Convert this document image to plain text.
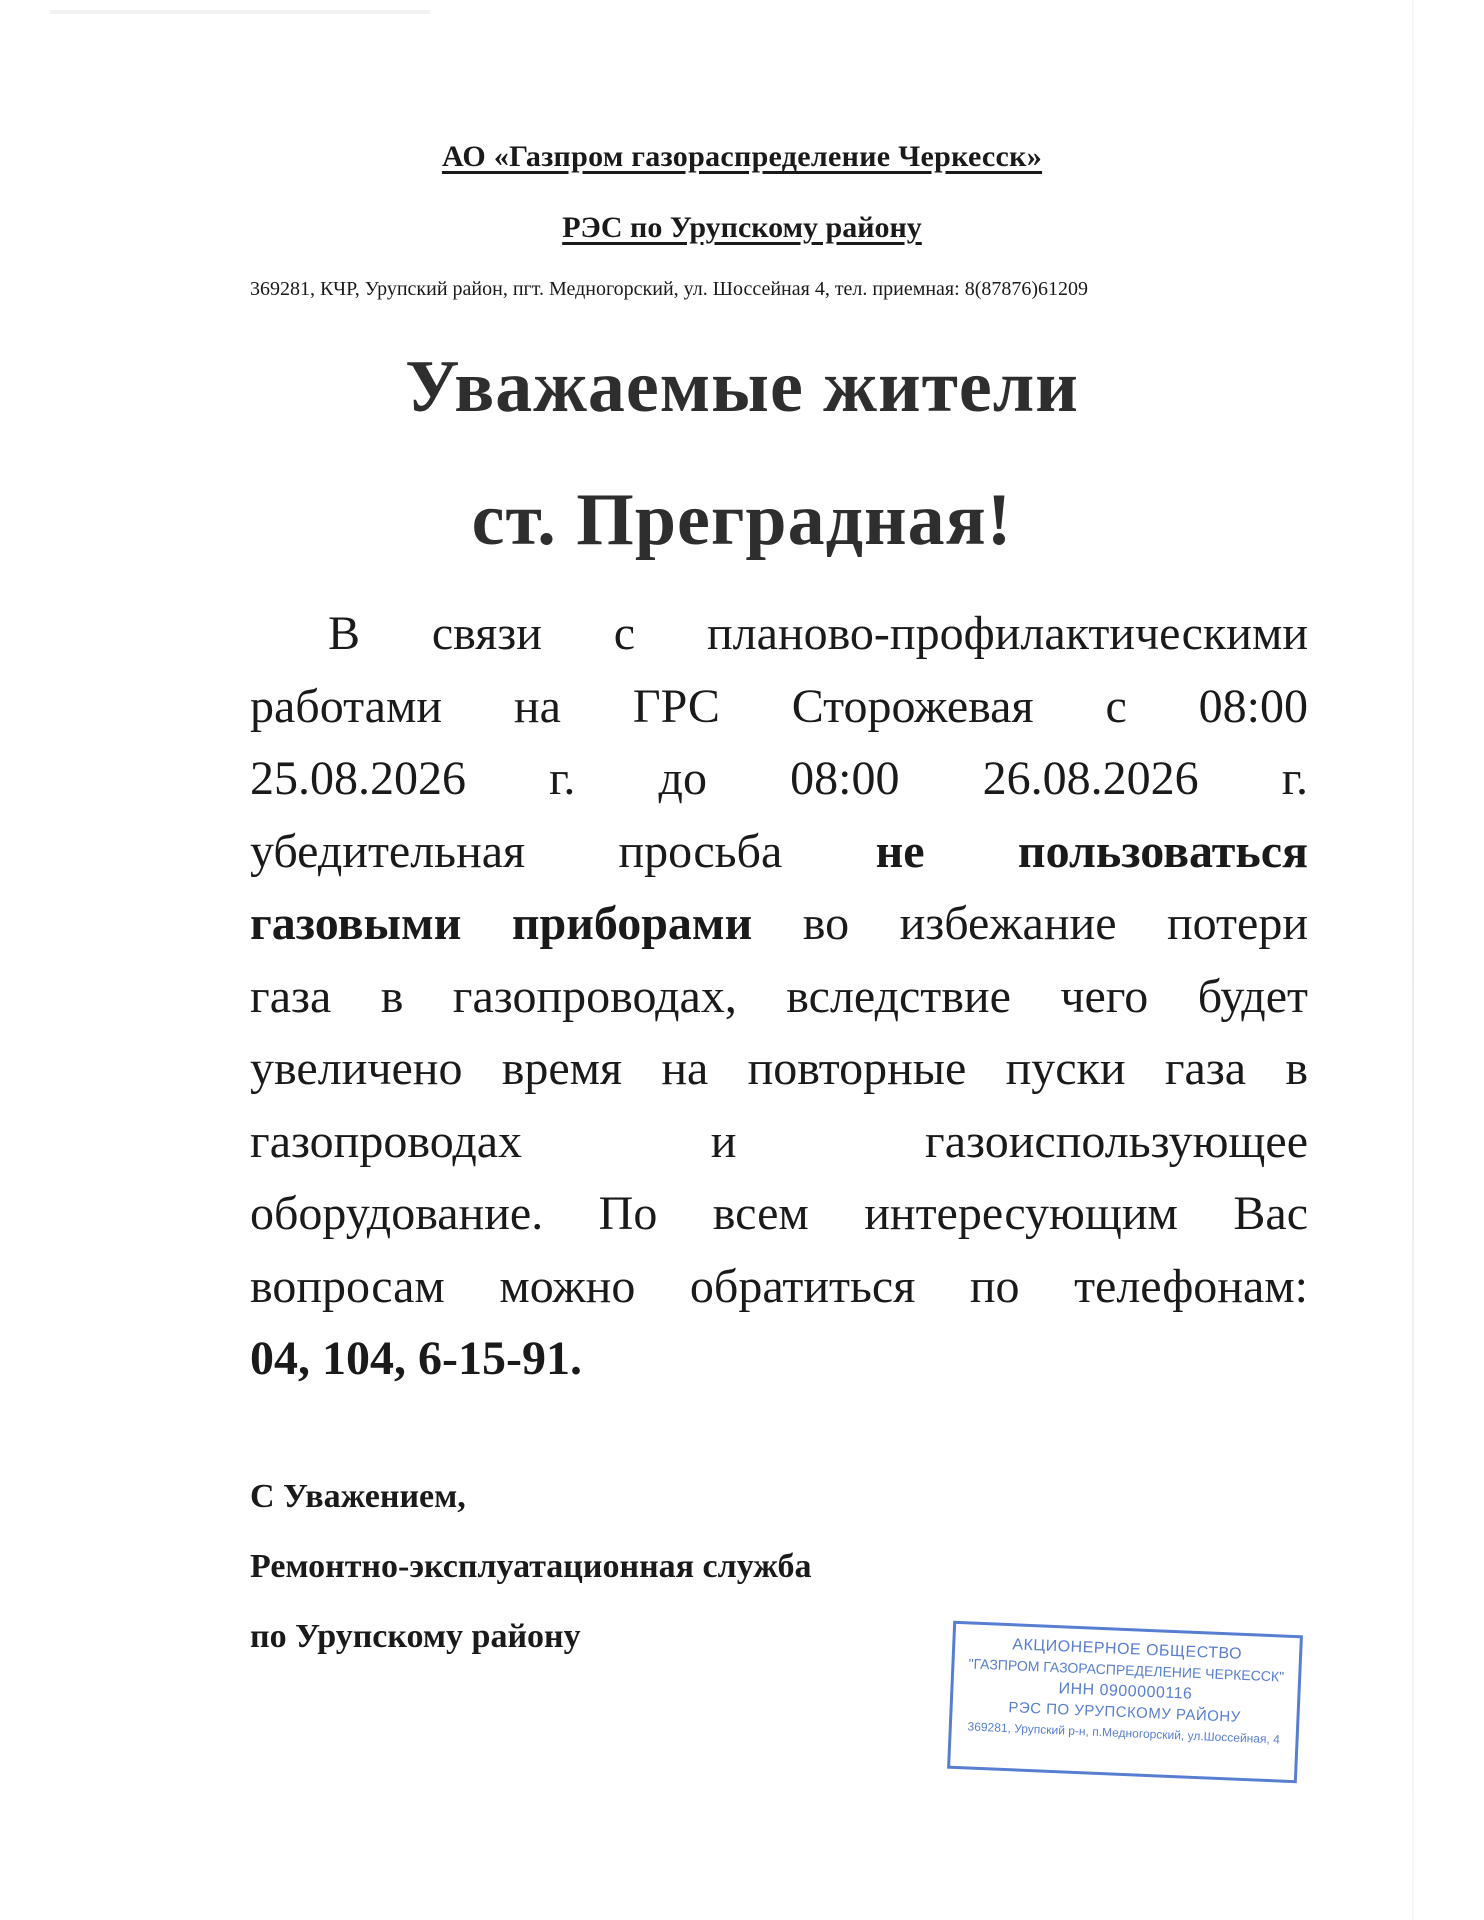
АО «Газпром газораспределение Черкесск»
РЭС по Урупскому району
369281, КЧР, Урупский район, пгт. Медногорский, ул. Шоссейная 4, тел. приемная: 8(87876)61209
Уважаемые жители
ст. Преградная!
В связи с планово-профилактическими
работами на ГРС Сторожевая с 08:00
25.08.2026 г. до 08:00 26.08.2026 г.
убедительная просьба не пользоваться
газовыми приборами во избежание потери
газа в газопроводах, вследствие чего будет
увеличено время на повторные пуски газа в
газопроводах и газоиспользующее
оборудование. По всем интересующим Вас
вопросам можно обратиться по телефонам:
04, 104, 6-15-91.
С Уважением,
Ремонтно-эксплуатационная служба
по Урупскому району	АКЦИОНЕРНОЕ ОБЩЕСТВО
"ГАЗПРОМ ГАЗОРАСПРЕДЕЛЕНИЕ ЧЕРКЕССК"
ИНН 0900000116
РЭС ПО УРУПСКОМУ РАЙОНУ
369281, Урупский р-н, п.Медногорский, ул.Шоссейная, 4
